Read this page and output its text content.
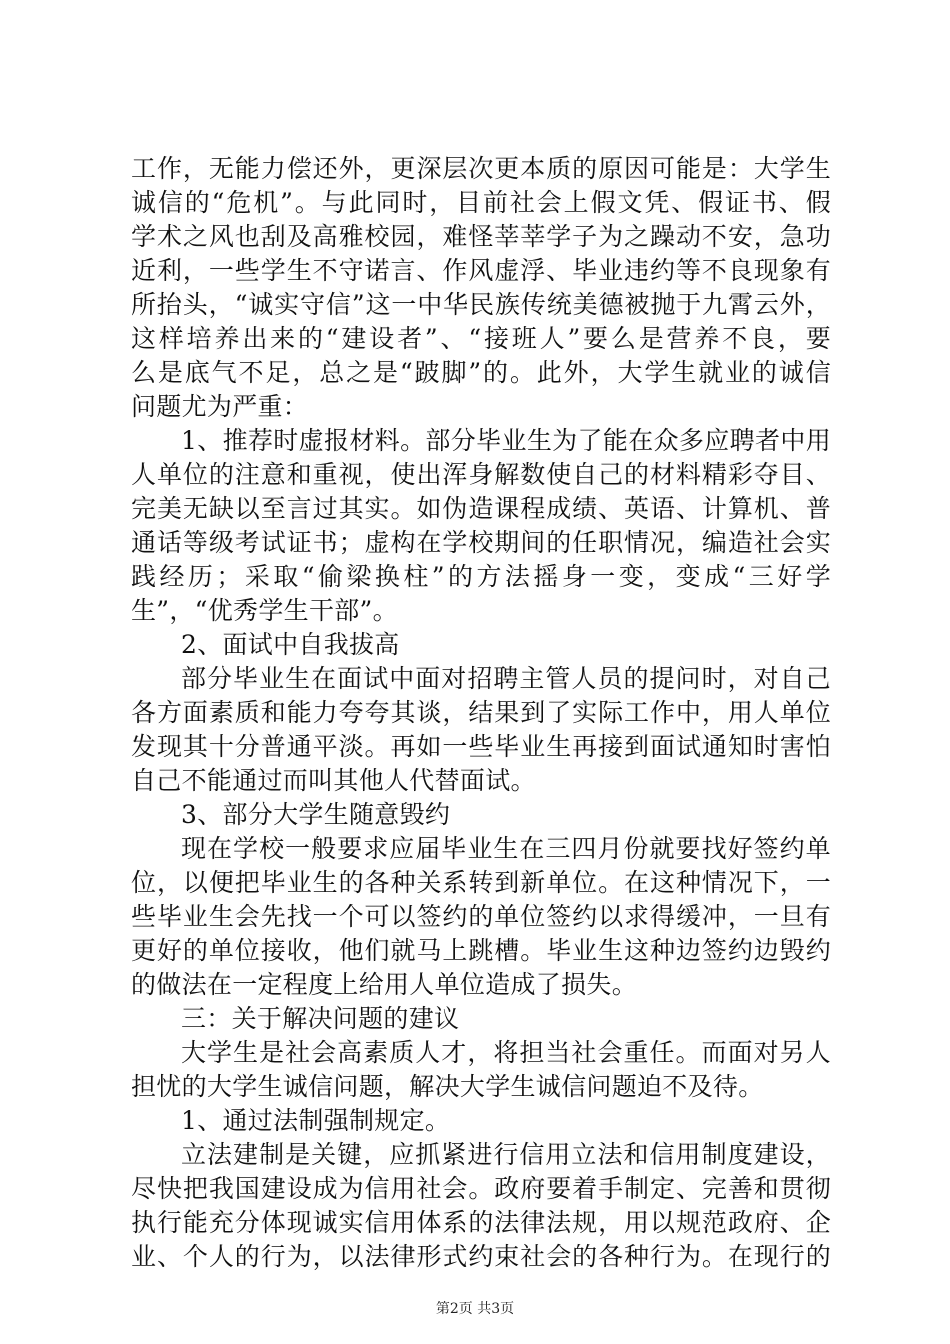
工作，无能力偿还外，更深层次更本质的原因可能是：大学生
诚信的“危机”。与此同时，目前社会上假文凭、假证书、假
学术之风也刮及高雅校园，难怪莘莘学子为之躁动不安，急功
近利，一些学生不守诺言、作风虚浮、毕业违约等不良现象有
所抬头，“诚实守信”这一中华民族传统美德被抛于九霄云外，
这样培养出来的“建设者”、“接班人”要么是营养不良，要
么是底气不足，总之是“跛脚”的。此外，大学生就业的诚信
问题尤为严重：
1、推荐时虚报材料。部分毕业生为了能在众多应聘者中用
人单位的注意和重视，使出浑身解数使自己的材料精彩夺目、
完美无缺以至言过其实。如伪造课程成绩、英语、计算机、普
通话等级考试证书；虚构在学校期间的任职情况，编造社会实
践经历；采取“偷梁换柱”的方法摇身一变，变成“三好学
生”，“优秀学生干部”。
2、面试中自我拔高
部分毕业生在面试中面对招聘主管人员的提问时，对自己
各方面素质和能力夸夸其谈，结果到了实际工作中，用人单位
发现其十分普通平淡。再如一些毕业生再接到面试通知时害怕
自己不能通过而叫其他人代替面试。
3、部分大学生随意毁约
现在学校一般要求应届毕业生在三四月份就要找好签约单
位，以便把毕业生的各种关系转到新单位。在这种情况下，一
些毕业生会先找一个可以签约的单位签约以求得缓冲，一旦有
更好的单位接收，他们就马上跳槽。毕业生这种边签约边毁约
的做法在一定程度上给用人单位造成了损失。
三：关于解决问题的建议
大学生是社会高素质人才，将担当社会重任。而面对另人
担忧的大学生诚信问题，解决大学生诚信问题迫不及待。
1、通过法制强制规定。
立法建制是关键，应抓紧进行信用立法和信用制度建设，
尽快把我国建设成为信用社会。政府要着手制定、完善和贯彻
执行能充分体现诚实信用体系的法律法规，用以规范政府、企
业、个人的行为，以法律形式约束社会的各种行为。在现行的
第2页 共3页
